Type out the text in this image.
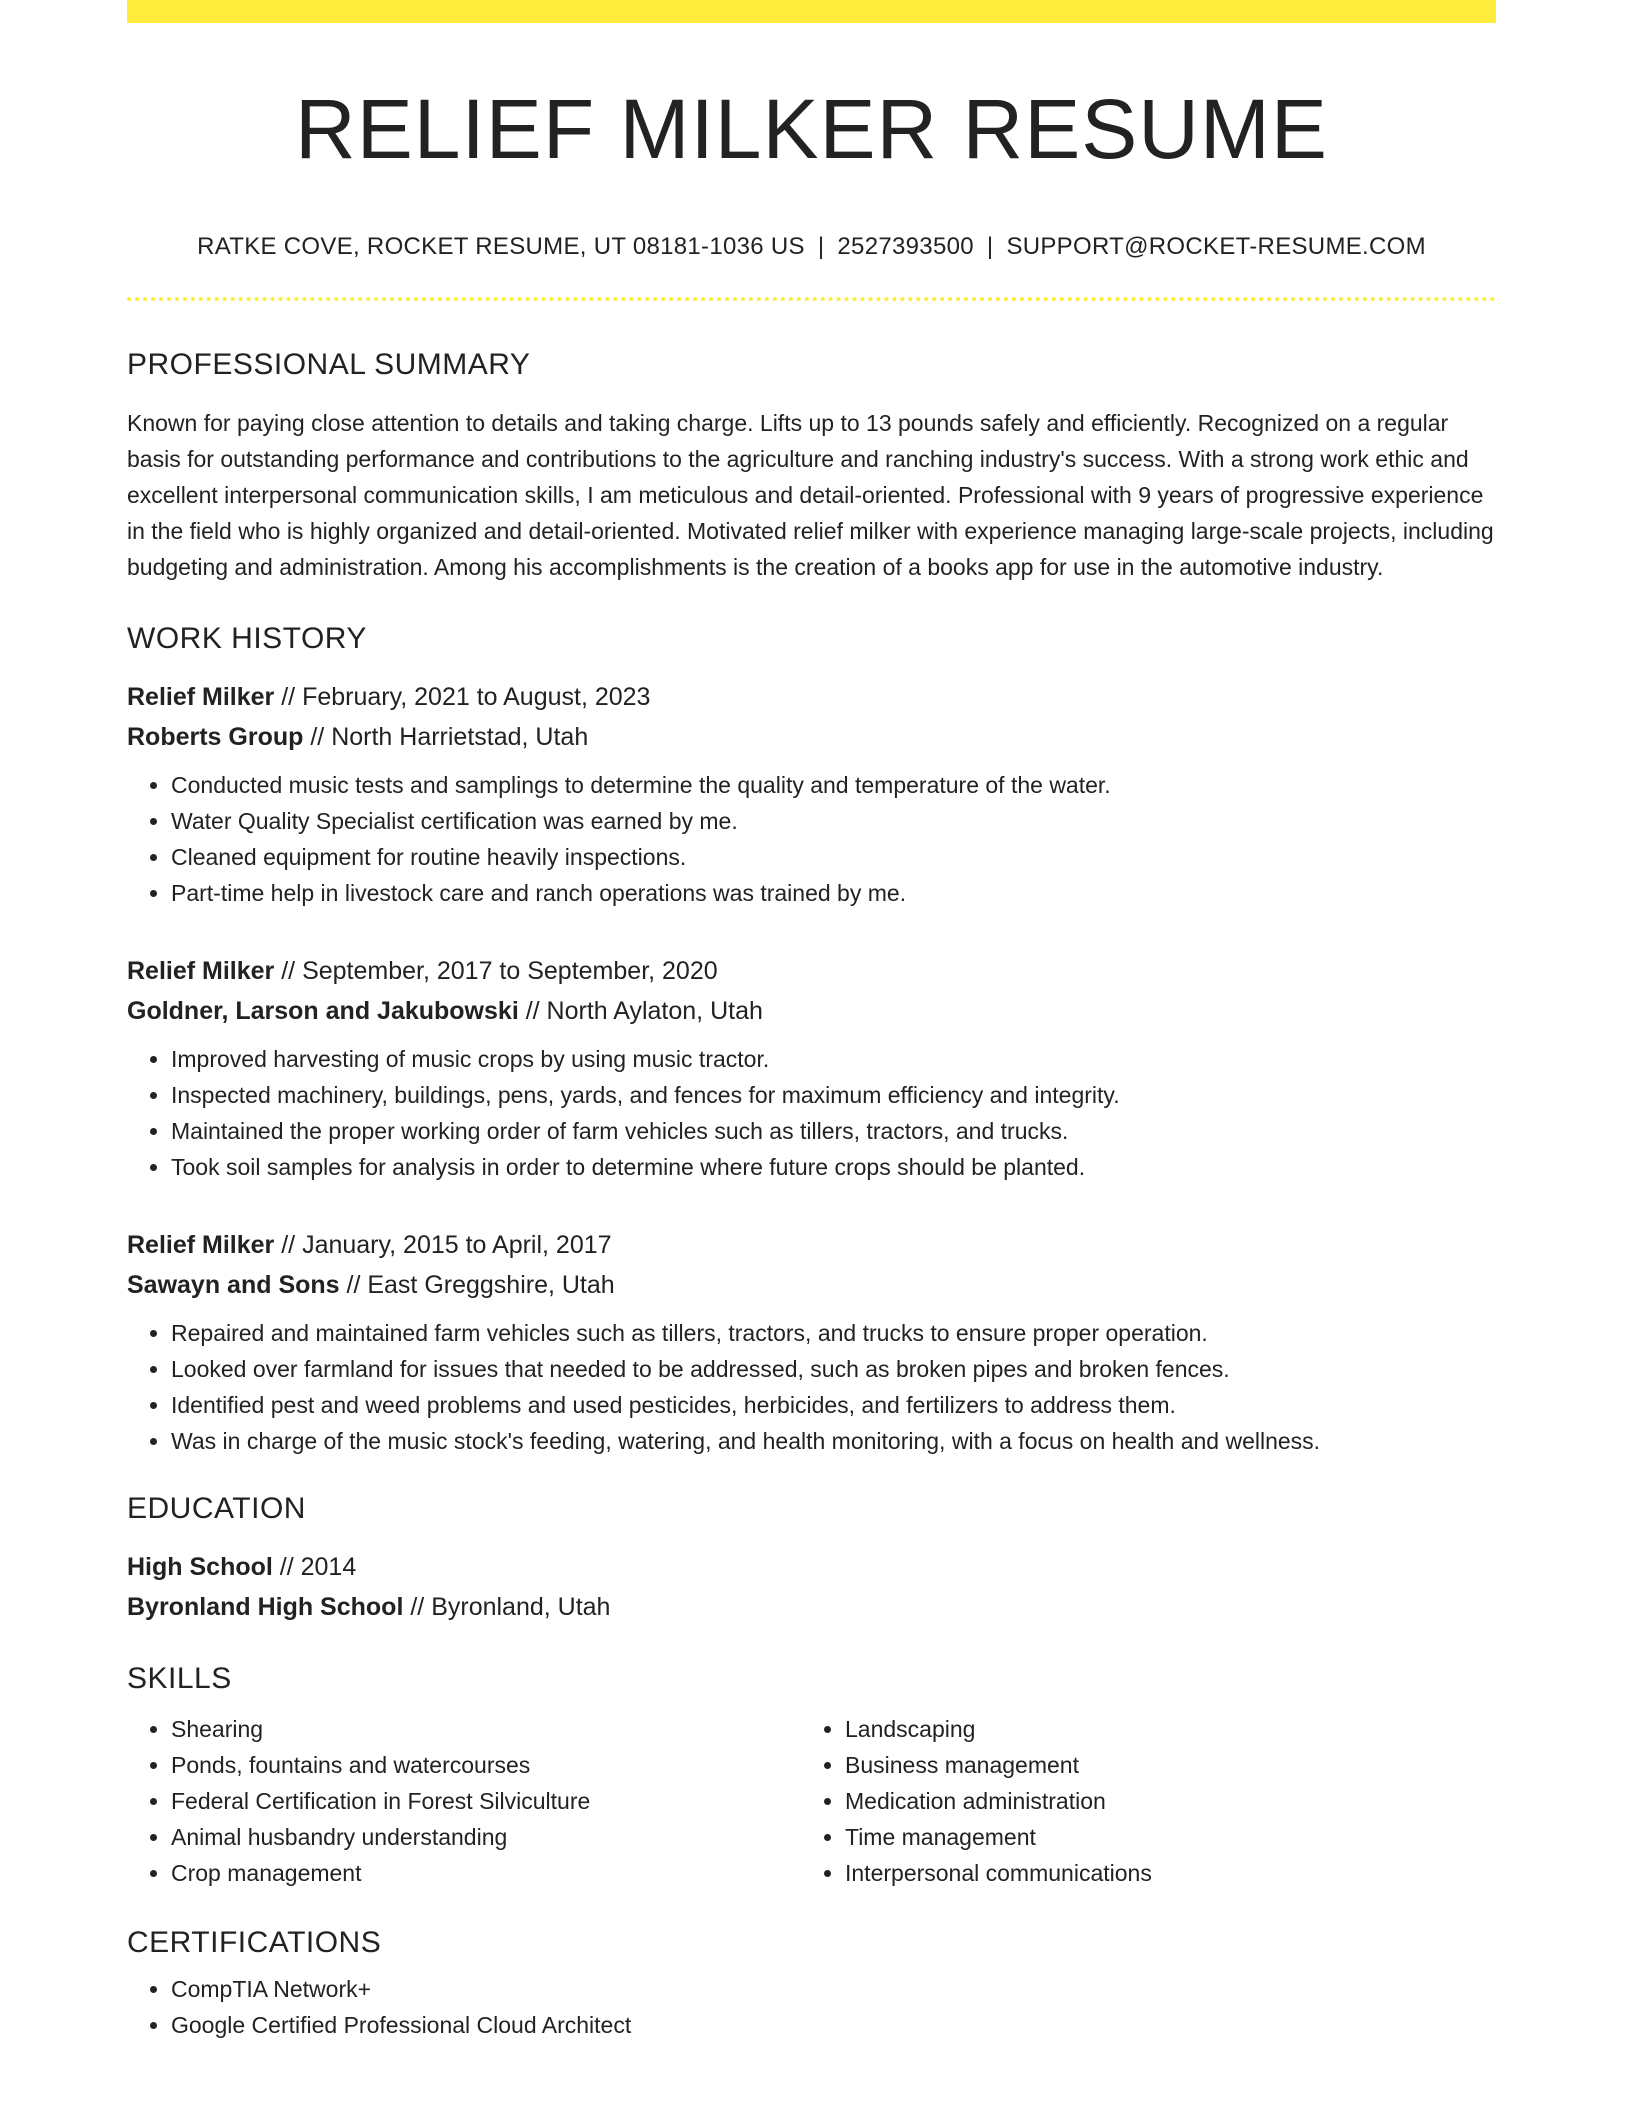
RELIEF MILKER RESUME
RATKE COVE, ROCKET RESUME, UT 08181-1036 US | 2527393500 | SUPPORT@ROCKET-RESUME.COM
PROFESSIONAL SUMMARY
Known for paying close attention to details and taking charge. Lifts up to 13 pounds safely and efficiently. Recognized on a regular basis for outstanding performance and contributions to the agriculture and ranching industry's success. With a strong work ethic and excellent interpersonal communication skills, I am meticulous and detail-oriented. Professional with 9 years of progressive experience in the field who is highly organized and detail-oriented. Motivated relief milker with experience managing large-scale projects, including budgeting and administration. Among his accomplishments is the creation of a books app for use in the automotive industry.
WORK HISTORY
Relief Milker // February, 2021 to August, 2023
Roberts Group // North Harrietstad, Utah
• Conducted music tests and samplings to determine the quality and temperature of the water.
• Water Quality Specialist certification was earned by me.
• Cleaned equipment for routine heavily inspections.
• Part-time help in livestock care and ranch operations was trained by me.
Relief Milker // September, 2017 to September, 2020
Goldner, Larson and Jakubowski // North Aylaton, Utah
• Improved harvesting of music crops by using music tractor.
• Inspected machinery, buildings, pens, yards, and fences for maximum efficiency and integrity.
• Maintained the proper working order of farm vehicles such as tillers, tractors, and trucks.
• Took soil samples for analysis in order to determine where future crops should be planted.
Relief Milker // January, 2015 to April, 2017
Sawayn and Sons // East Greggshire, Utah
• Repaired and maintained farm vehicles such as tillers, tractors, and trucks to ensure proper operation.
• Looked over farmland for issues that needed to be addressed, such as broken pipes and broken fences.
• Identified pest and weed problems and used pesticides, herbicides, and fertilizers to address them.
• Was in charge of the music stock's feeding, watering, and health monitoring, with a focus on health and wellness.
EDUCATION
High School // 2014
Byronland High School // Byronland, Utah
SKILLS
• Shearing
• Ponds, fountains and watercourses
• Federal Certification in Forest Silviculture
• Animal husbandry understanding
• Crop management
• Landscaping
• Business management
• Medication administration
• Time management
• Interpersonal communications
CERTIFICATIONS
• CompTIA Network+
• Google Certified Professional Cloud Architect
